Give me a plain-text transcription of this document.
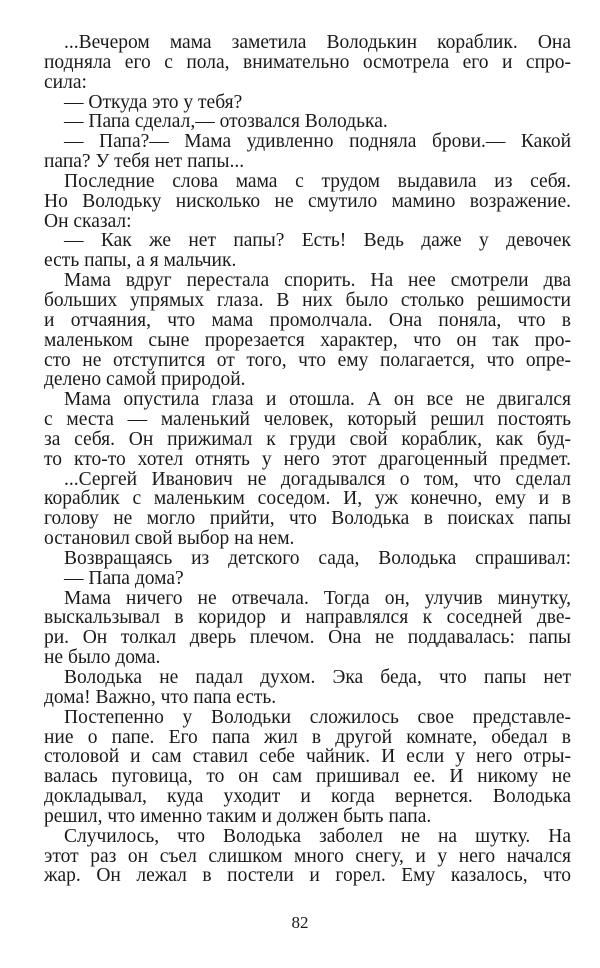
...Вечером мама заметила Володькин кораблик. Она
подняла его с пола, внимательно осмотрела его и спро-
сила:
— Откуда это у тебя?
— Папа сделал,— отозвался Володька.
— Папа?— Мама удивленно подняла брови.— Какой
папа? У тебя нет папы...
Последние слова мама с трудом выдавила из себя.
Но Володьку нисколько не смутило мамино возражение.
Он сказал:
— Как же нет папы? Есть! Ведь даже у девочек
есть папы, а я мальчик.
Мама вдруг перестала спорить. На нее смотрели два
больших упрямых глаза. В них было столько решимости
и отчаяния, что мама промолчала. Она поняла, что в
маленьком сыне прорезается характер, что он так про-
сто не отступится от того, что ему полагается, что опре-
делено самой природой.
Мама опустила глаза и отошла. А он все не двигался
с места — маленький человек, который решил постоять
за себя. Он прижимал к груди свой кораблик, как буд-
то кто-то хотел отнять у него этот драгоценный предмет.
...Сергей Иванович не догадывался о том, что сделал
кораблик с маленьким соседом. И, уж конечно, ему и в
голову не могло прийти, что Володька в поисках папы
остановил свой выбор на нем.
Возвращаясь из детского сада, Володька спрашивал:
— Папа дома?
Мама ничего не отвечала. Тогда он, улучив минутку,
выскальзывал в коридор и направлялся к соседней две-
ри. Он толкал дверь плечом. Она не поддавалась: папы
не было дома.
Володька не падал духом. Эка беда, что папы нет
дома! Важно, что папа есть.
Постепенно у Володьки сложилось свое представле-
ние о папе. Его папа жил в другой комнате, обедал в
столовой и сам ставил себе чайник. И если у него отры-
валась пуговица, то он сам пришивал ее. И никому не
докладывал, куда уходит и когда вернется. Володька
решил, что именно таким и должен быть папа.
Случилось, что Володька заболел не на шутку. На
этот раз он съел слишком много снегу, и у него начался
жар. Он лежал в постели и горел. Ему казалось, что
82
